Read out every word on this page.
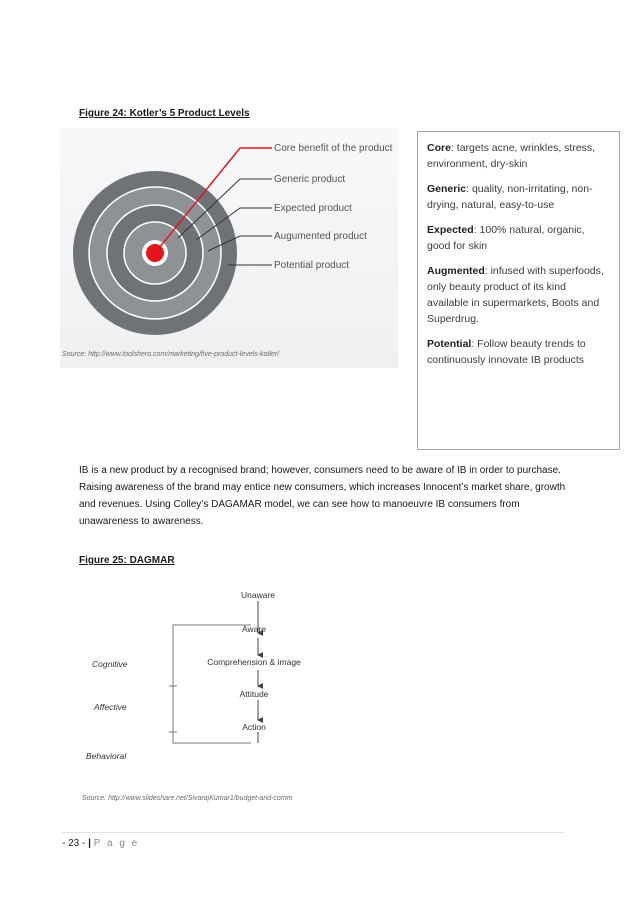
Figure 24: Kotler’s 5 Product Levels
Core benefit of the product
Generic product
Expected product
Augumented product
Potential product
Source: http://www.toolshero.com/marketing/five-product-levels-kotler/

Core: targets acne, wrinkles, stress, environment, dry-skin

Generic: quality, non-irritating, non-drying, natural, easy-to-use

Expected: 100% natural, organic, good for skin

Augmented: infused with superfoods, only beauty product of its kind available in supermarkets, Boots and Superdrug.

Potential: Follow beauty trends to continuously innovate IB products

IB is a new product by a recognised brand; however, consumers need to be aware of IB in order to purchase. Raising awareness of the brand may entice new consumers, which increases Innocent’s market share, growth and revenues. Using Colley’s DAGAMAR model, we can see how to manoeuvre IB consumers from unawareness to awareness.
Figure 25: DAGMAR
Unaware
Aware
Comprehension & image
Attitude
Action
Cognitive
Affective
Behavioral
Source: http://www.slideshare.net/SivarajKumar1/budget-and-comm
- 23 - | P a g e
